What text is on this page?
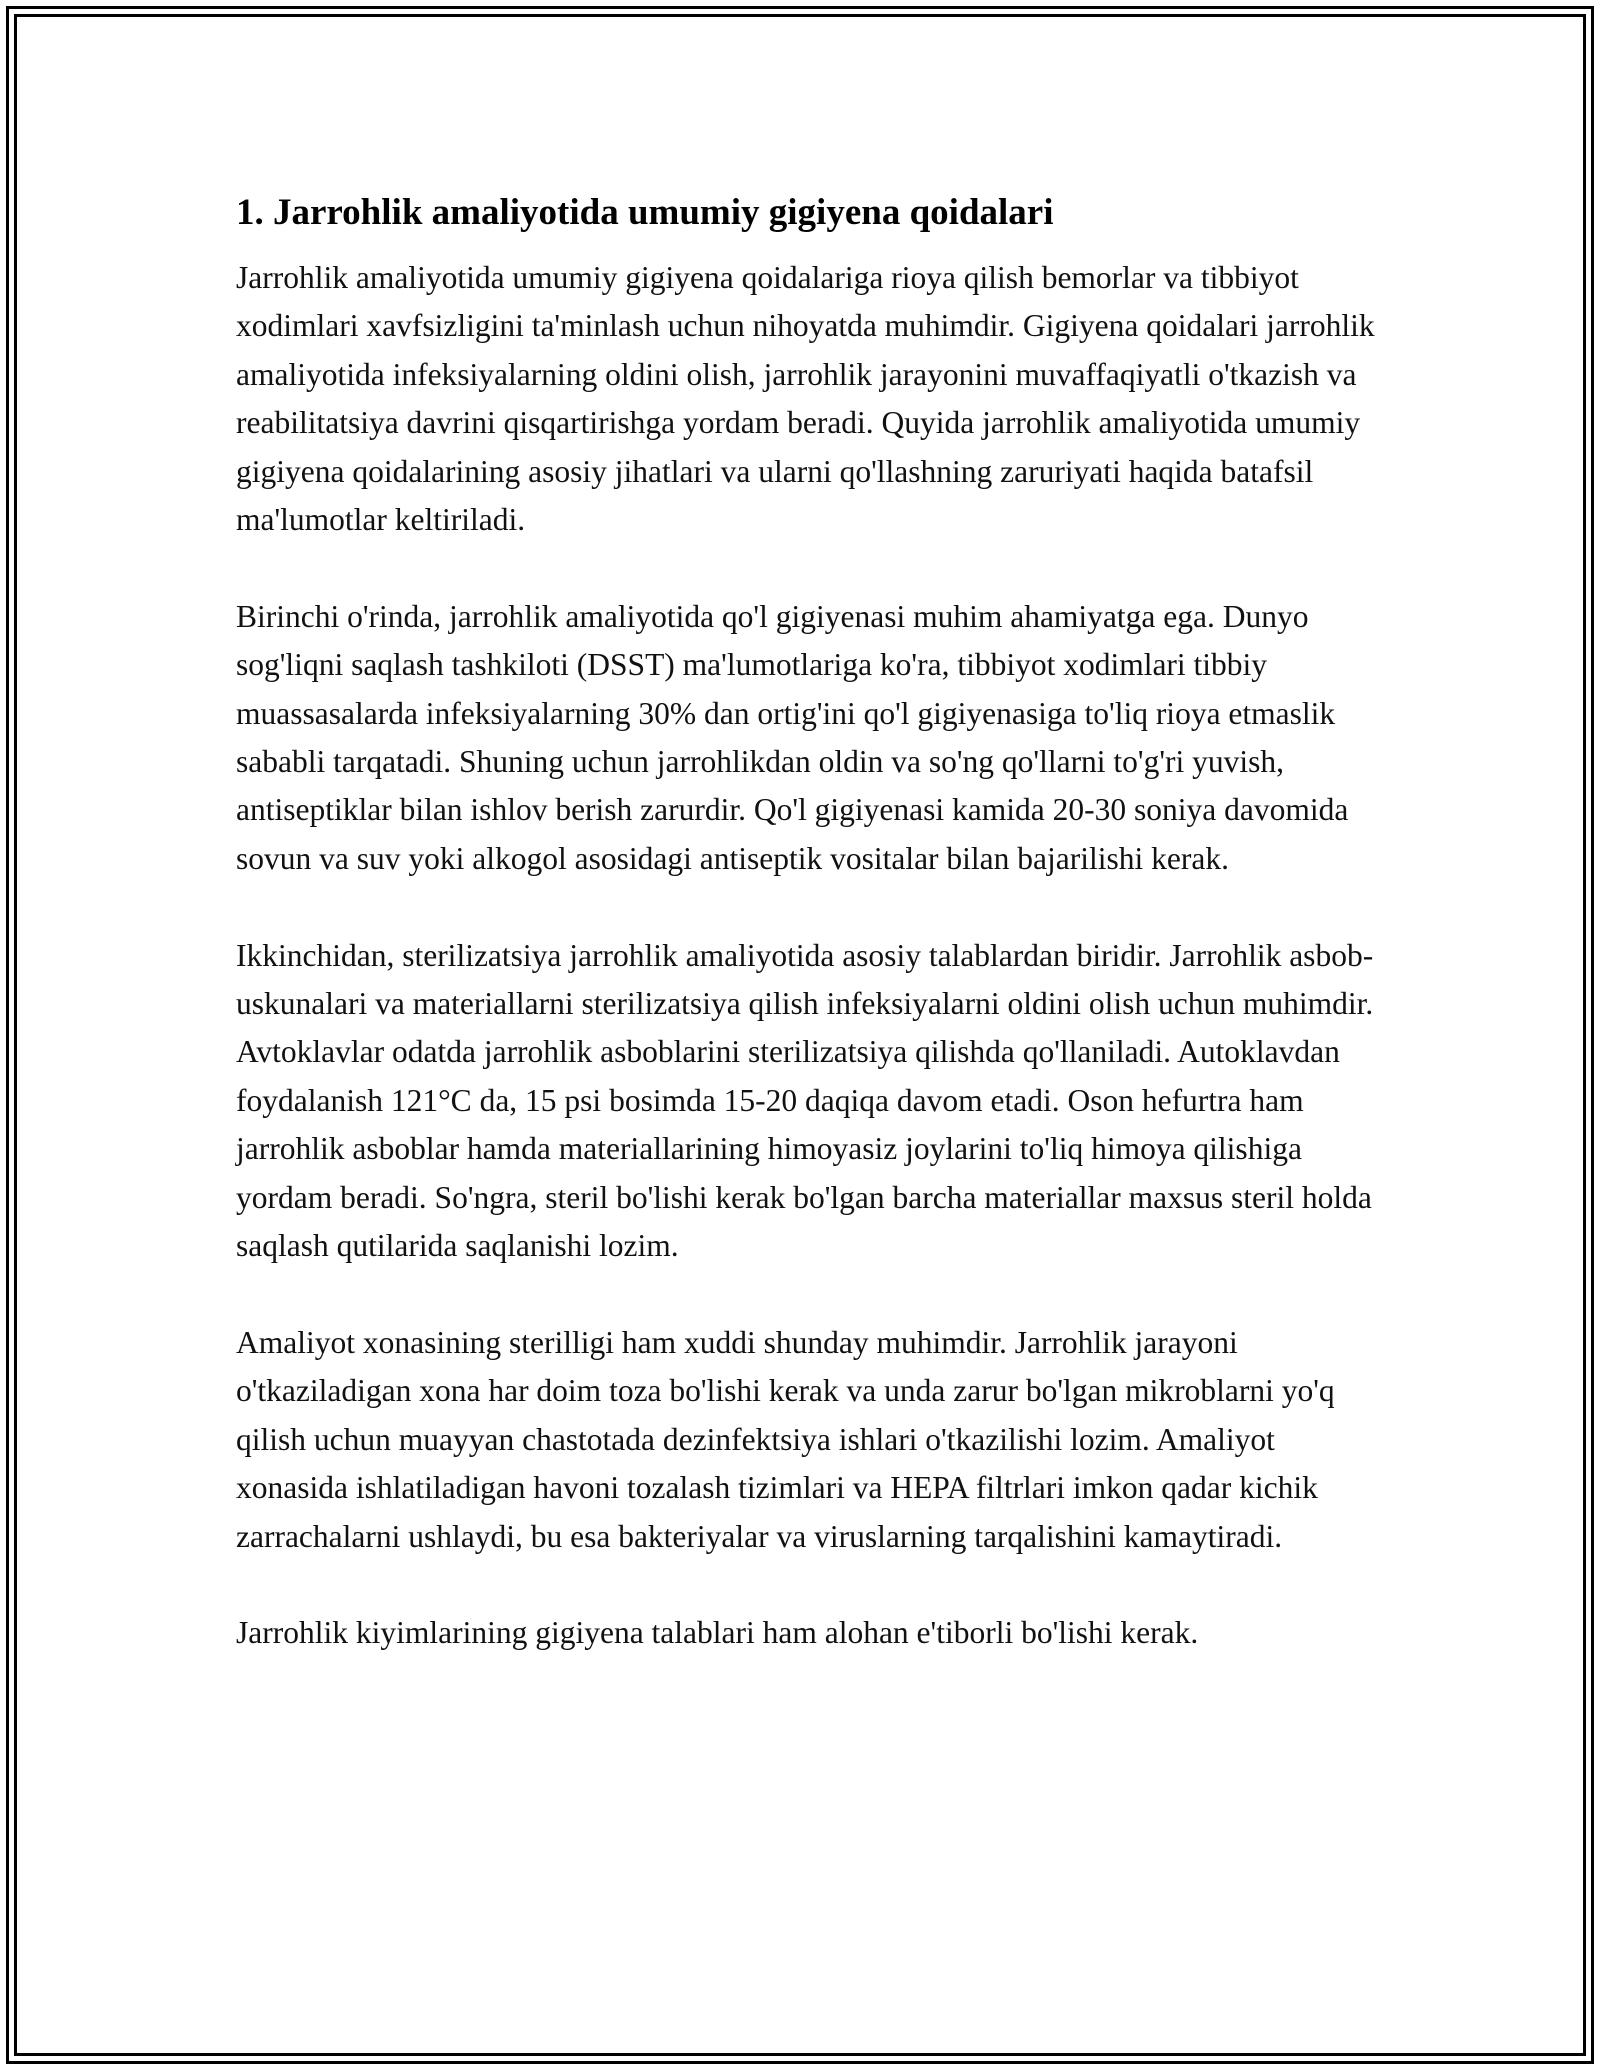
1. Jarrohlik amaliyotida umumiy gigiyena qoidalari

Jarrohlik amaliyotida umumiy gigiyena qoidalariga rioya qilish bemorlar va tibbiyot xodimlari xavfsizligini ta'minlash uchun nihoyatda muhimdir. Gigiyena qoidalari jarrohlik amaliyotida infeksiyalarning oldini olish, jarrohlik jarayonini muvaffaqiyatli o'tkazish va reabilitatsiya davrini qisqartirishga yordam beradi. Quyida jarrohlik amaliyotida umumiy gigiyena qoidalarining asosiy jihatlari va ularni qo'llashning zaruriyati haqida batafsil ma'lumotlar keltiriladi.

Birinchi o'rinda, jarrohlik amaliyotida qo'l gigiyenasi muhim ahamiyatga ega. Dunyo sog'liqni saqlash tashkiloti (DSST) ma'lumotlariga ko'ra, tibbiyot xodimlari tibbiy muassasalarda infeksiyalarning 30% dan ortig'ini qo'l gigiyenasiga to'liq rioya etmaslik sababli tarqatadi. Shuning uchun jarrohlikdan oldin va so'ng qo'llarni to'g'ri yuvish, antiseptiklar bilan ishlov berish zarurdir. Qo'l gigiyenasi kamida 20-30 soniya davomida sovun va suv yoki alkogol asosidagi antiseptik vositalar bilan bajarilishi kerak.

Ikkinchidan, sterilizatsiya jarrohlik amaliyotida asosiy talablardan biridir. Jarrohlik asbob-uskunalari va materiallarni sterilizatsiya qilish infeksiyalarni oldini olish uchun muhimdir. Avtoklavlar odatda jarrohlik asboblarini sterilizatsiya qilishda qo'llaniladi. Autoklavdan foydalanish 121°C da, 15 psi bosimda 15-20 daqiqa davom etadi. Oson hefurtra ham jarrohlik asboblar hamda materiallarining himoyasiz joylarini to'liq himoya qilishiga yordam beradi. So'ngra, steril bo'lishi kerak bo'lgan barcha materiallar maxsus steril holda saqlash qutilarida saqlanishi lozim.

Amaliyot xonasining sterilligi ham xuddi shunday muhimdir. Jarrohlik jarayoni o'tkaziladigan xona har doim toza bo'lishi kerak va unda zarur bo'lgan mikroblarni yo'q qilish uchun muayyan chastotada dezinfektsiya ishlari o'tkazilishi lozim. Amaliyot xonasida ishlatiladigan havoni tozalash tizimlari va HEPA filtrlari imkon qadar kichik zarrachalarni ushlaydi, bu esa bakteriyalar va viruslarning tarqalishini kamaytiradi.

Jarrohlik kiyimlarining gigiyena talablari ham alohan e'tiborli bo'lishi kerak.
